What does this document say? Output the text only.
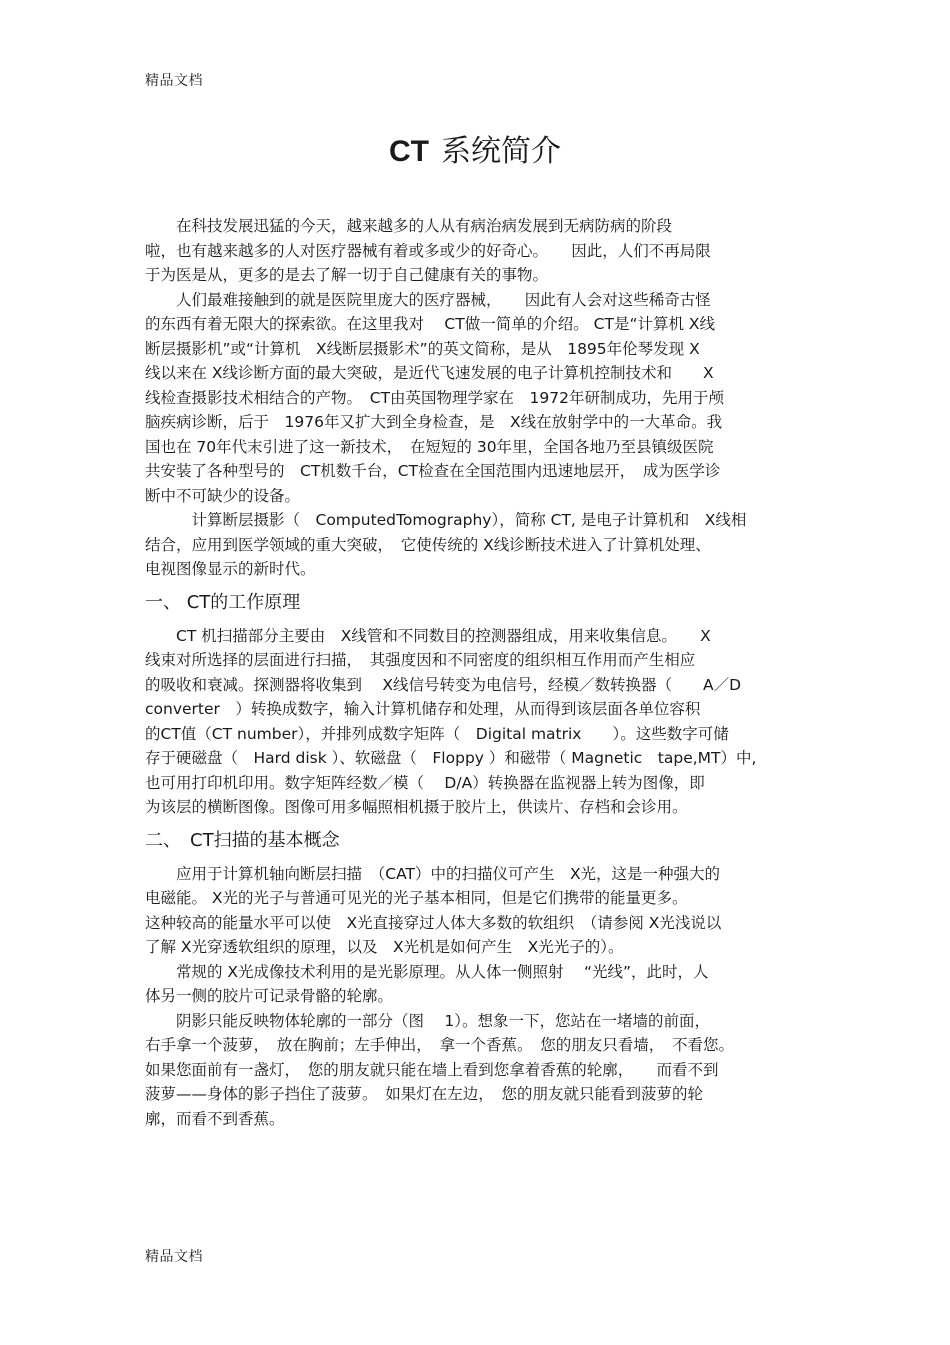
精品文档
CT 系统简介

　　在科技发展迅猛的今天，越来越多的人从有病治病发展到无病防病的阶段
啦，也有越来越多的人对医疗器械有着或多或少的好奇心。　　因此，人们不再局限
于为医是从，更多的是去了解一切于自己健康有关的事物。

　　人们最难接触到的就是医院里庞大的医疗器械，　　因此有人会对这些稀奇古怪
的东西有着无限大的探索欲。在这里我对　 CT做一简单的介绍。 CT是“计算机 X线
断层摄影机”或“计算机　X线断层摄影术”的英文简称，是从　1895年伦琴发现 X
线以来在 X线诊断方面的最大突破，是近代飞速发展的电子计算机控制技术和　　X
线检查摄影技术相结合的产物。　CT由英国物理学家在　1972年研制成功，先用于颅
脑疾病诊断，后于　1976年又扩大到全身检查，是　X线在放射学中的一大革命。我
国也在 70年代末引进了这一新技术，　在短短的 30年里，全国各地乃至县镇级医院
共安装了各种型号的　CT机数千台，CT检查在全国范围内迅速地层开，　成为医学诊
断中不可缺少的设备。

　　　计算断层摄影（　ComputedTomography），简称 CT, 是电子计算机和　X线相
结合，应用到医学领域的重大突破，　它使传统的 X线诊断技术进入了计算机处理、
电视图像显示的新时代。

一、 CT的工作原理

　　CT 机扫描部分主要由　X线管和不同数目的控测器组成，用来收集信息。　　X
线束对所选择的层面进行扫描，　其强度因和不同密度的组织相互作用而产生相应
的吸收和衰减。探测器将收集到　 X线信号转变为电信号，经模／数转换器（　　A／D
converter　）转换成数字，输入计算机储存和处理，从而得到该层面各单位容积
的CT值（CT number），并排列成数字矩阵（　Digital matrix　　）。这些数字可储
存于硬磁盘（　Hard disk ）、软磁盘（　Floppy ）和磁带（ Magnetic　tape,MT）中,
也可用打印机印用。数字矩阵经数／模（　 D/A）转换器在监视器上转为图像，即
为该层的横断图像。图像可用多幅照相机摄于胶片上，供读片、存档和会诊用。

二、　CT扫描的基本概念

　　应用于计算机轴向断层扫描　（CAT）中的扫描仪可产生　X光，这是一种强大的
电磁能。 X光的光子与普通可见光的光子基本相同，但是它们携带的能量更多。
这种较高的能量水平可以使　X光直接穿过人体大多数的软组织　（请参阅 X光浅说以
了解 X光穿透软组织的原理，以及　X光机是如何产生　X光光子的）。

　　常规的 X光成像技术利用的是光影原理。从人体一侧照射　 “光线”，此时，人
体另一侧的胶片可记录骨骼的轮廓。

　　阴影只能反映物体轮廓的一部分（图　 1）。想象一下，您站在一堵墙的前面，
右手拿一个菠萝，　放在胸前；左手伸出，　拿一个香蕉。　您的朋友只看墙，　不看您。
如果您面前有一盏灯，　您的朋友就只能在墙上看到您拿着香蕉的轮廓，　　而看不到
菠萝——身体的影子挡住了菠萝。　如果灯在左边，　您的朋友就只能看到菠萝的轮
廓，而看不到香蕉。

精品文档
